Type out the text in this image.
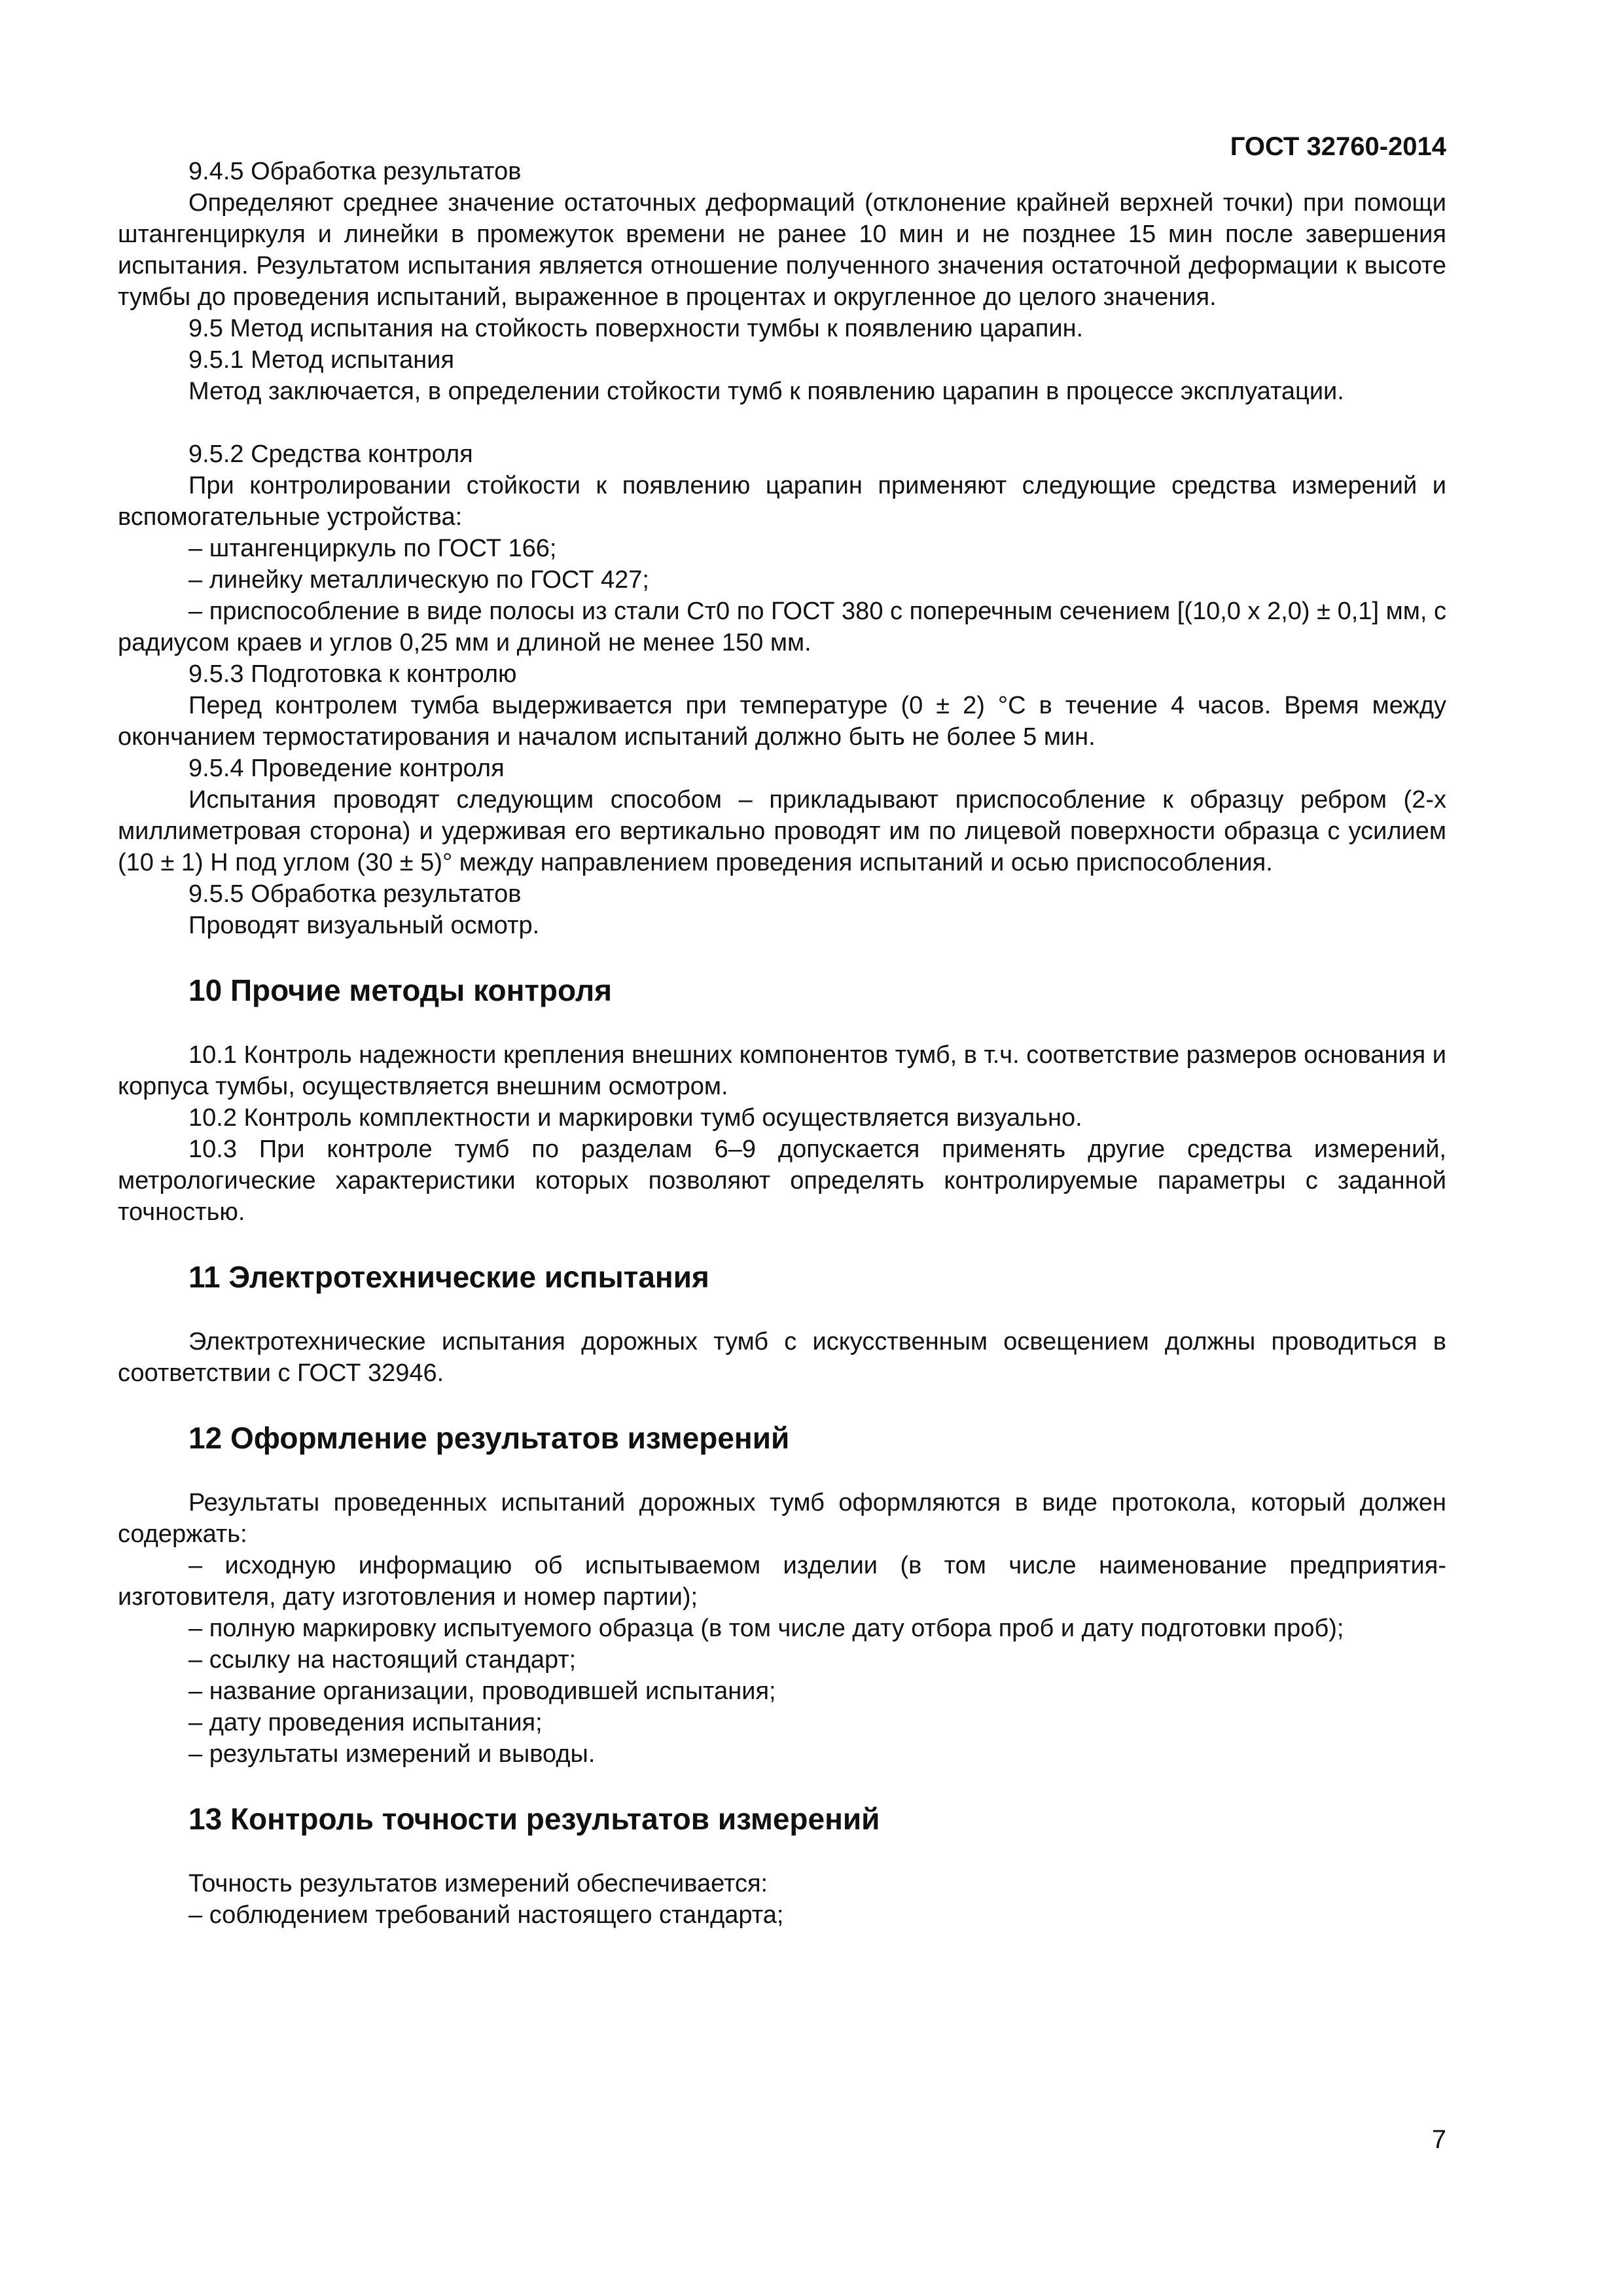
ГОСТ 32760-2014

9.4.5 Обработка результатов

Определяют среднее значение остаточных деформаций (отклонение крайней верхней точки) при помощи штангенциркуля и линейки в промежуток времени не ранее 10 мин и не позднее 15 мин после завершения испытания. Результатом испытания является отношение полученного значения остаточной деформации к высоте тумбы до проведения испытаний, выраженное в процентах и округленное до целого значения.

9.5 Метод испытания на стойкость поверхности тумбы к появлению царапин.

9.5.1 Метод испытания

Метод заключается, в определении стойкости тумб к появлению царапин в процессе эксплуатации.

9.5.2 Средства контроля

При контролировании стойкости к появлению царапин применяют следующие средства измерений и вспомогательные устройства:

– штангенциркуль по ГОСТ 166;

– линейку металлическую по ГОСТ 427;

– приспособление в виде полосы из стали Ст0 по ГОСТ 380 с поперечным сечением [(10,0 х 2,0) ± 0,1] мм, с радиусом краев и углов 0,25 мм и длиной не менее 150 мм.

9.5.3 Подготовка к контролю

Перед контролем тумба выдерживается при температуре (0 ± 2) °С в течение 4 часов. Время между окончанием термостатирования и началом испытаний должно быть не более 5 мин.

9.5.4 Проведение контроля

Испытания проводят следующим способом – прикладывают приспособление к образцу ребром (2-х миллиметровая сторона) и удерживая его вертикально проводят им по лицевой поверхности образца с усилием (10 ± 1) Н под углом (30 ± 5)° между направлением проведения испытаний и осью приспособления.

9.5.5 Обработка результатов

Проводят визуальный осмотр.

10 Прочие методы контроля

10.1 Контроль надежности крепления внешних компонентов тумб, в т.ч. соответствие размеров основания и корпуса тумбы, осуществляется внешним осмотром.

10.2 Контроль комплектности и маркировки тумб осуществляется визуально.

10.3 При контроле тумб по разделам 6–9 допускается применять другие средства измерений, метрологические характеристики которых позволяют определять контролируемые параметры с заданной точностью.

11 Электротехнические испытания

Электротехнические испытания дорожных тумб с искусственным освещением должны проводиться в соответствии с ГОСТ 32946.

12 Оформление результатов измерений

Результаты проведенных испытаний дорожных тумб оформляются в виде протокола, который должен содержать:

– исходную информацию об испытываемом изделии (в том числе наименование предприятия-изготовителя, дату изготовления и номер партии);

– полную маркировку испытуемого образца (в том числе дату отбора проб и дату подготовки проб);

– ссылку на настоящий стандарт;

– название организации, проводившей испытания;

– дату проведения испытания;

– результаты измерений и выводы.

13 Контроль точности результатов измерений

Точность результатов измерений обеспечивается:

– соблюдением требований настоящего стандарта;

7
